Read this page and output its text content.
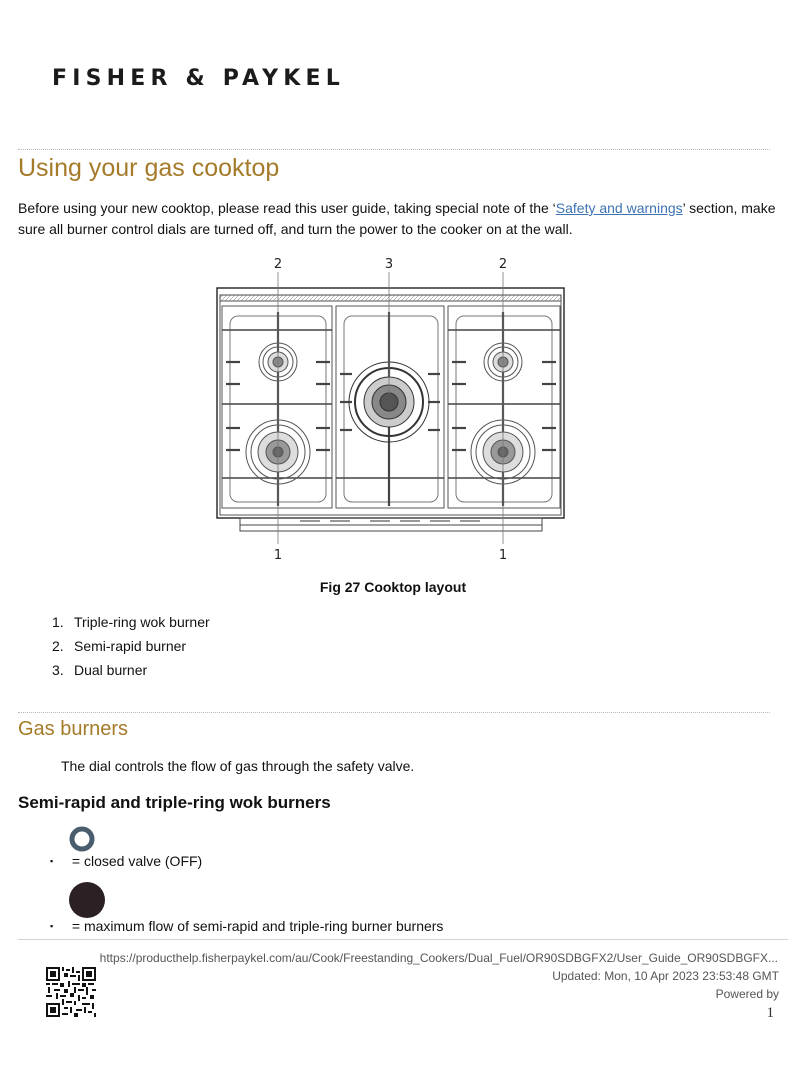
FISHER & PAYKEL
Using your gas cooktop
Before using your new cooktop, please read this user guide, taking special note of the ‘Safety and warnings’ section, make sure all burner control dials are turned off, and turn the power to the cooker on at the wall.
2	3	2
1	1
Fig 27 Cooktop layout
1. Triple-ring wok burner
2. Semi-rapid burner
3. Dual burner
Gas burners
The dial controls the flow of gas through the safety valve.
Semi-rapid and triple-ring wok burners
▪ = closed valve (OFF)
▪ = maximum flow of semi-rapid and triple-ring burner burners
https://producthelp.fisherpaykel.com/au/Cook/Freestanding_Cookers/Dual_Fuel/OR90SDBGFX2/User_Guide_OR90SDBGFX...
Updated: Mon, 10 Apr 2023 23:53:48 GMT
Powered by
1
